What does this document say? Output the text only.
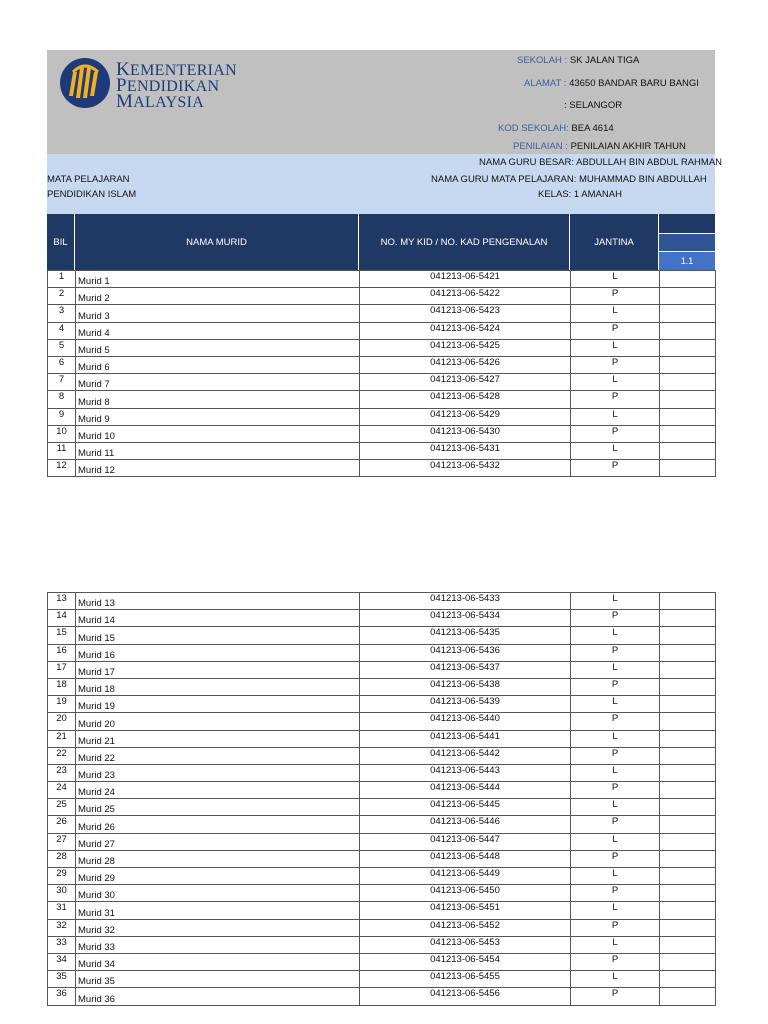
KEMENTERIAN
PENDIDIKAN
MALAYSIA
SEKOLAH : SK JALAN TIGA
ALAMAT : 43650 BANDAR BARU BANGI
: SELANGOR
KOD SEKOLAH: BEA 4614
PENILAIAN : PENILAIAN AKHIR TAHUN
NAMA GURU BESAR: ABDULLAH BIN ABDUL RAHMAN
MATA PELAJARAN	NAMA GURU MATA PELAJARAN: MUHAMMAD BIN ABDULLAH
PENDIDIKAN ISLAM	KELAS: 1 AMANAH
BIL	NAMA MURID	NO. MY KID / NO. KAD PENGENALAN	JANTINA
1.1
1	Murid 1	041213-06-5421	L	
2	Murid 2	041213-06-5422	P	
3	Murid 3	041213-06-5423	L	
4	Murid 4	041213-06-5424	P	
5	Murid 5	041213-06-5425	L	
6	Murid 6	041213-06-5426	P	
7	Murid 7	041213-06-5427	L	
8	Murid 8	041213-06-5428	P	
9	Murid 9	041213-06-5429	L	
10	Murid 10	041213-06-5430	P	
11	Murid 11	041213-06-5431	L	
12	Murid 12	041213-06-5432	P	
13	Murid 13	041213-06-5433	L	
14	Murid 14	041213-06-5434	P	
15	Murid 15	041213-06-5435	L	
16	Murid 16	041213-06-5436	P	
17	Murid 17	041213-06-5437	L	
18	Murid 18	041213-06-5438	P	
19	Murid 19	041213-06-5439	L	
20	Murid 20	041213-06-5440	P	
21	Murid 21	041213-06-5441	L	
22	Murid 22	041213-06-5442	P	
23	Murid 23	041213-06-5443	L	
24	Murid 24	041213-06-5444	P	
25	Murid 25	041213-06-5445	L	
26	Murid 26	041213-06-5446	P	
27	Murid 27	041213-06-5447	L	
28	Murid 28	041213-06-5448	P	
29	Murid 29	041213-06-5449	L	
30	Murid 30	041213-06-5450	P	
31	Murid 31	041213-06-5451	L	
32	Murid 32	041213-06-5452	P	
33	Murid 33	041213-06-5453	L	
34	Murid 34	041213-06-5454	P	
35	Murid 35	041213-06-5455	L	
36	Murid 36	041213-06-5456	P	
